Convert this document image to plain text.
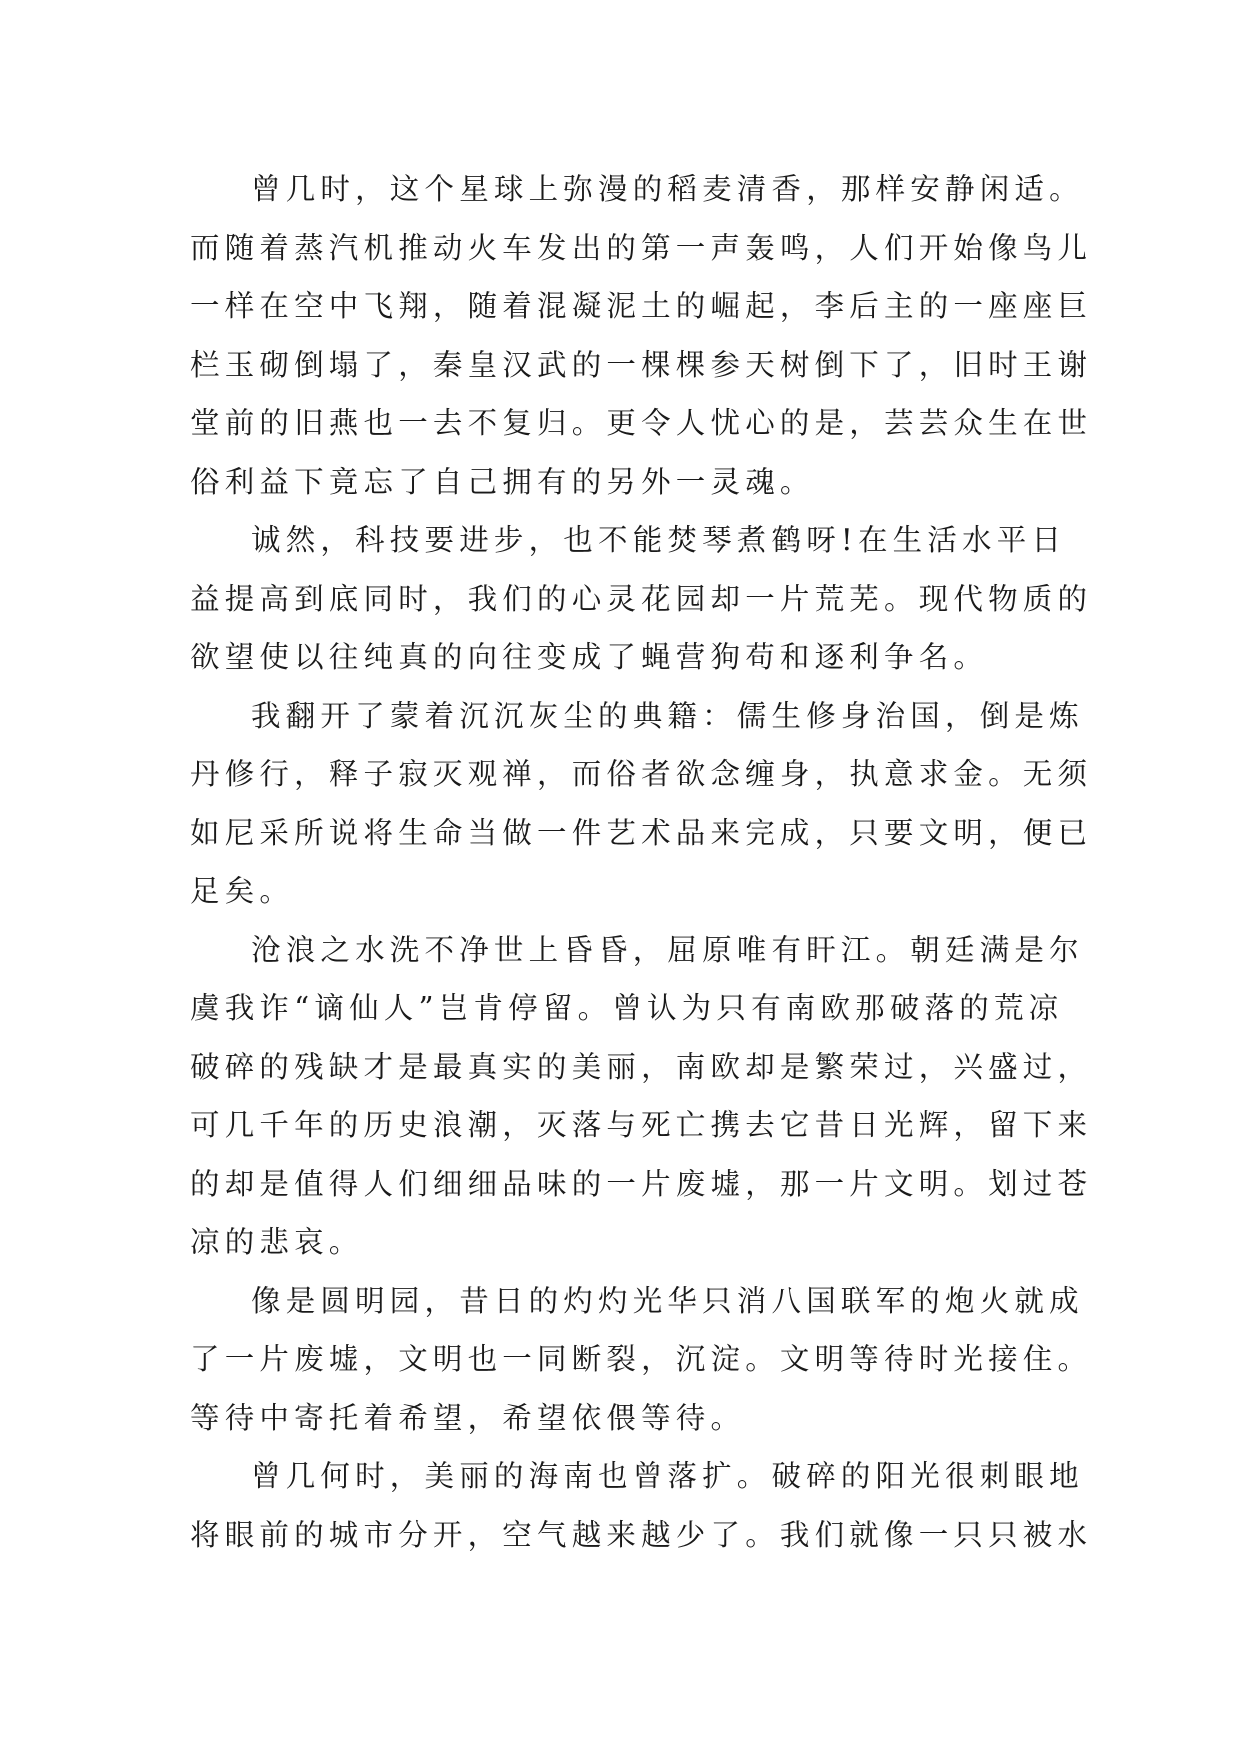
曾几时，这个星球上弥漫的稻麦清香，那样安静闲适。
而随着蒸汽机推动火车发出的第一声轰鸣，人们开始像鸟儿
一样在空中飞翔，随着混凝泥土的崛起，李后主的一座座巨
栏玉砌倒塌了，秦皇汉武的一棵棵参天树倒下了，旧时王谢
堂前的旧燕也一去不复归。更令人忧心的是，芸芸众生在世
俗利益下竟忘了自己拥有的另外一灵魂。

诚然，科技要进步，也不能焚琴煮鹤呀!在生活水平日
益提高到底同时，我们的心灵花园却一片荒芜。现代物质的
欲望使以往纯真的向往变成了蝇营狗苟和逐利争名。

我翻开了蒙着沉沉灰尘的典籍：儒生修身治国，倒是炼
丹修行，释子寂灭观禅，而俗者欲念缠身，执意求金。无须
如尼采所说将生命当做一件艺术品来完成，只要文明，便已
足矣。

沧浪之水洗不净世上昏昏，屈原唯有盰江。朝廷满是尔
虞我诈“谪仙人”岂肯停留。曾认为只有南欧那破落的荒凉
破碎的残缺才是最真实的美丽，南欧却是繁荣过，兴盛过，
可几千年的历史浪潮，灭落与死亡携去它昔日光辉，留下来
的却是值得人们细细品味的一片废墟，那一片文明。划过苍
凉的悲哀。

像是圆明园，昔日的灼灼光华只消八国联军的炮火就成
了一片废墟，文明也一同断裂，沉淀。文明等待时光接住。
等待中寄托着希望，希望依偎等待。

曾几何时，美丽的海南也曾落扩。破碎的阳光很刺眼地
将眼前的城市分开，空气越来越少了。我们就像一只只被水
